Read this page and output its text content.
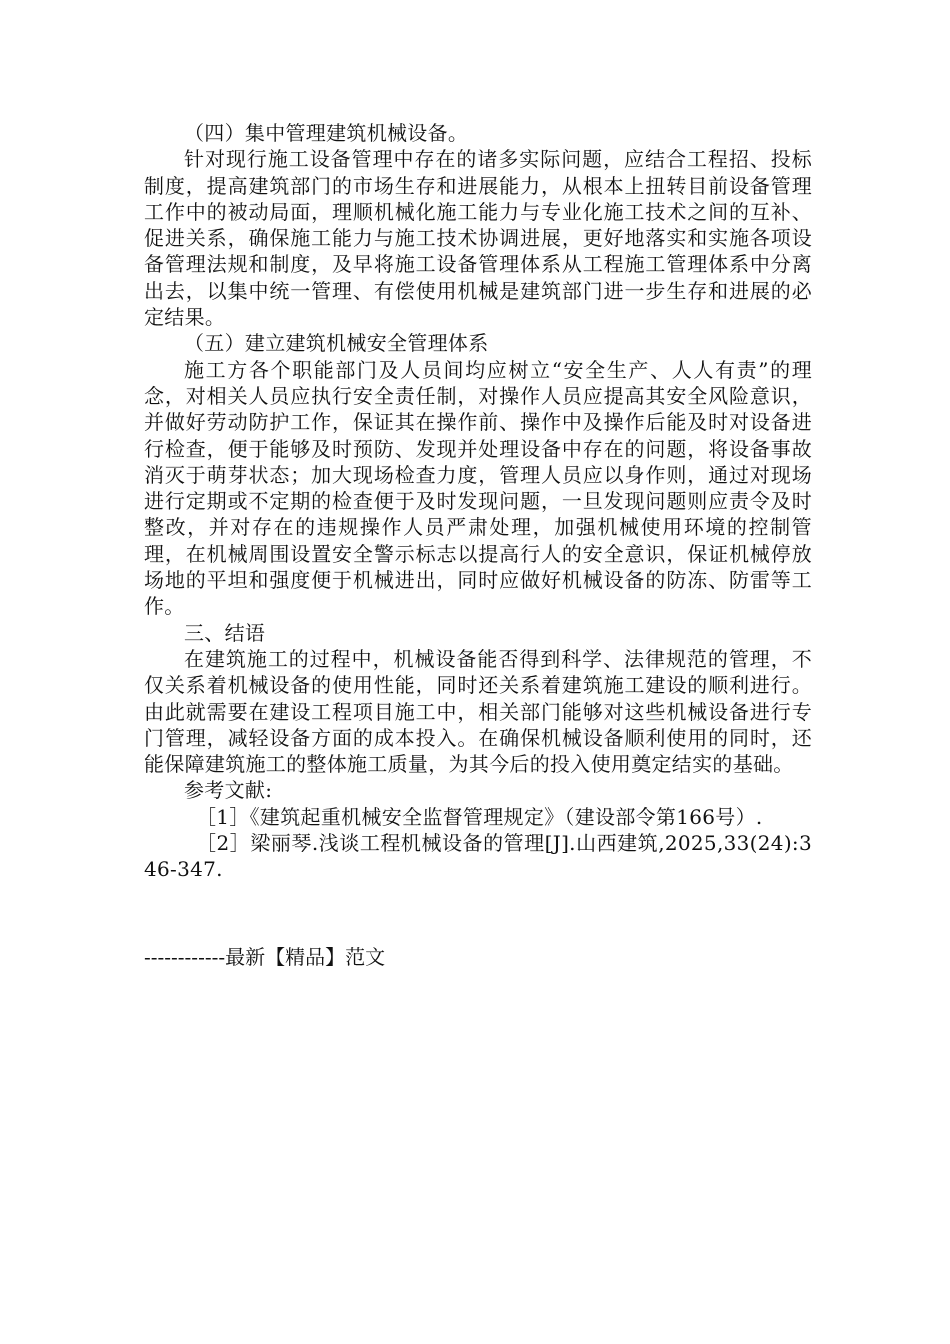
（四）集中管理建筑机械设备。

针对现行施工设备管理中存在的诸多实际问题，应结合工程招、投标制度，提高建筑部门的市场生存和进展能力，从根本上扭转目前设备管理工作中的被动局面，理顺机械化施工能力与专业化施工技术之间的互补、促进关系，确保施工能力与施工技术协调进展，更好地落实和实施各项设备管理法规和制度，及早将施工设备管理体系从工程施工管理体系中分离出去，以集中统一管理、有偿使用机械是建筑部门进一步生存和进展的必定结果。

（五）建立建筑机械安全管理体系

施工方各个职能部门及人员间均应树立“安全生产、人人有责”的理念，对相关人员应执行安全责任制，对操作人员应提高其安全风险意识，并做好劳动防护工作，保证其在操作前、操作中及操作后能及时对设备进行检查，便于能够及时预防、发现并处理设备中存在的问题，将设备事故消灭于萌芽状态；加大现场检查力度，管理人员应以身作则，通过对现场进行定期或不定期的检查便于及时发现问题，一旦发现问题则应责令及时整改，并对存在的违规操作人员严肃处理，加强机械使用环境的控制管理，在机械周围设置安全警示标志以提高行人的安全意识，保证机械停放场地的平坦和强度便于机械进出，同时应做好机械设备的防冻、防雷等工作。

三、结语

在建筑施工的过程中，机械设备能否得到科学、法律规范的管理，不仅关系着机械设备的使用性能，同时还关系着建筑施工建设的顺利进行。由此就需要在建设工程项目施工中，相关部门能够对这些机械设备进行专门管理，减轻设备方面的成本投入。在确保机械设备顺利使用的同时，还能保障建筑施工的整体施工质量，为其今后的投入使用奠定结实的基础。

参考文献:

［1］《建筑起重机械安全监督管理规定》（建设部令第166号）.

［2］梁丽琴.浅谈工程机械设备的管理[J].山西建筑,2025,33(24):346-347.

------------最新【精品】范文
